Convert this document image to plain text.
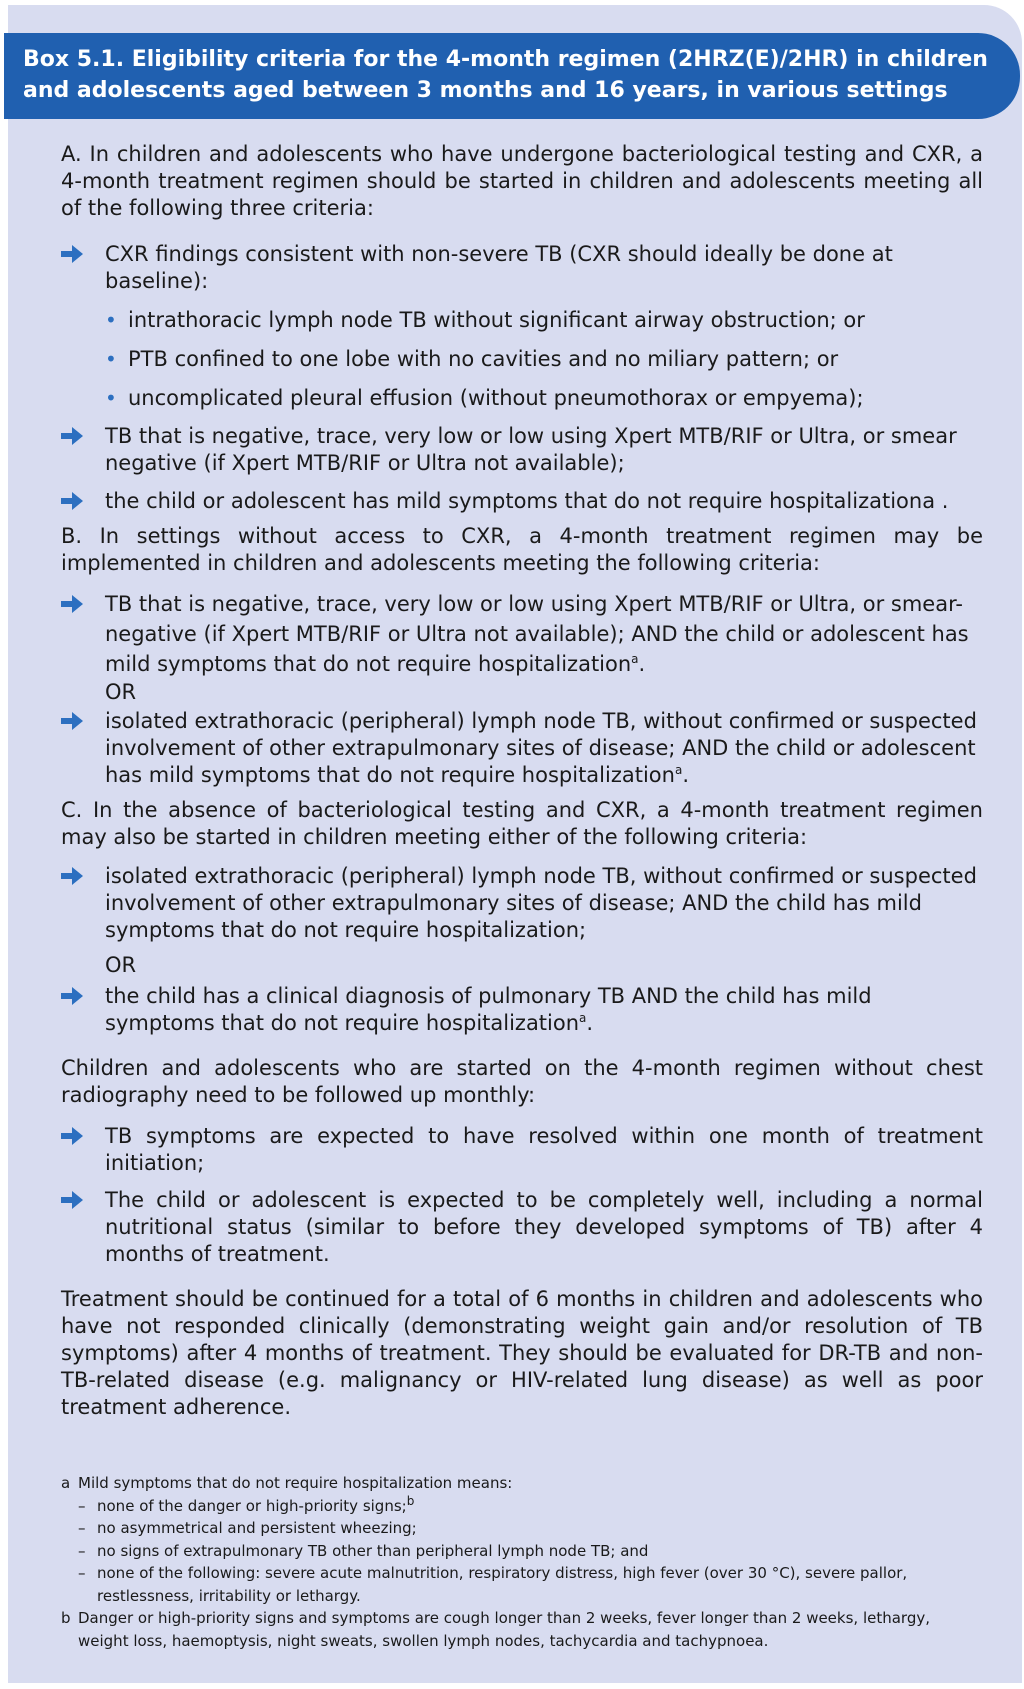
Box 5.1. Eligibility criteria for the 4-month regimen (2HRZ(E)/2HR) in children
and adolescents aged between 3 months and 16 years, in various settings

A. In children and adolescents who have undergone bacteriological testing and CXR, a 4-month treatment regimen should be started in children and adolescents meeting all of the following three criteria:

CXR findings consistent with non-severe TB (CXR should ideally be done at baseline):
• intrathoracic lymph node TB without significant airway obstruction; or
• PTB confined to one lobe with no cavities and no miliary pattern; or
• uncomplicated pleural effusion (without pneumothorax or empyema);
TB that is negative, trace, very low or low using Xpert MTB/RIF or Ultra, or smear negative (if Xpert MTB/RIF or Ultra not available);
the child or adolescent has mild symptoms that do not require hospitalizationa .

B. In settings without access to CXR, a 4-month treatment regimen may be implemented in children and adolescents meeting the following criteria:

TB that is negative, trace, very low or low using Xpert MTB/RIF or Ultra, or smear-negative (if Xpert MTB/RIF or Ultra not available); AND the child or adolescent has mild symptoms that do not require hospitalization$^a$.

OR

isolated extrathoracic (peripheral) lymph node TB, without confirmed or suspected involvement of other extrapulmonary sites of disease; AND the child or adolescent has mild symptoms that do not require hospitalization$^a$.

C. In the absence of bacteriological testing and CXR, a 4-month treatment regimen may also be started in children meeting either of the following criteria:

isolated extrathoracic (peripheral) lymph node TB, without confirmed or suspected involvement of other extrapulmonary sites of disease; AND the child has mild symptoms that do not require hospitalization;

OR

the child has a clinical diagnosis of pulmonary TB AND the child has mild symptoms that do not require hospitalization$^a$.

Children and adolescents who are started on the 4-month regimen without chest radiography need to be followed up monthly:

TB symptoms are expected to have resolved within one month of treatment initiation;
The child or adolescent is expected to be completely well, including a normal nutritional status (similar to before they developed symptoms of TB) after 4 months of treatment.

Treatment should be continued for a total of 6 months in children and adolescents who have not responded clinically (demonstrating weight gain and/or resolution of TB symptoms) after 4 months of treatment. They should be evaluated for DR-TB and non-TB-related disease (e.g. malignancy or HIV-related lung disease) as well as poor treatment adherence.

a Mild symptoms that do not require hospitalization means:
– none of the danger or high-priority signs;$^b$
– no asymmetrical and persistent wheezing;
– no signs of extrapulmonary TB other than peripheral lymph node TB; and
– none of the following: severe acute malnutrition, respiratory distress, high fever (over 30 °C), severe pallor, restlessness, irritability or lethargy.
b Danger or high-priority signs and symptoms are cough longer than 2 weeks, fever longer than 2 weeks, lethargy, weight loss, haemoptysis, night sweats, swollen lymph nodes, tachycardia and tachypnoea.
